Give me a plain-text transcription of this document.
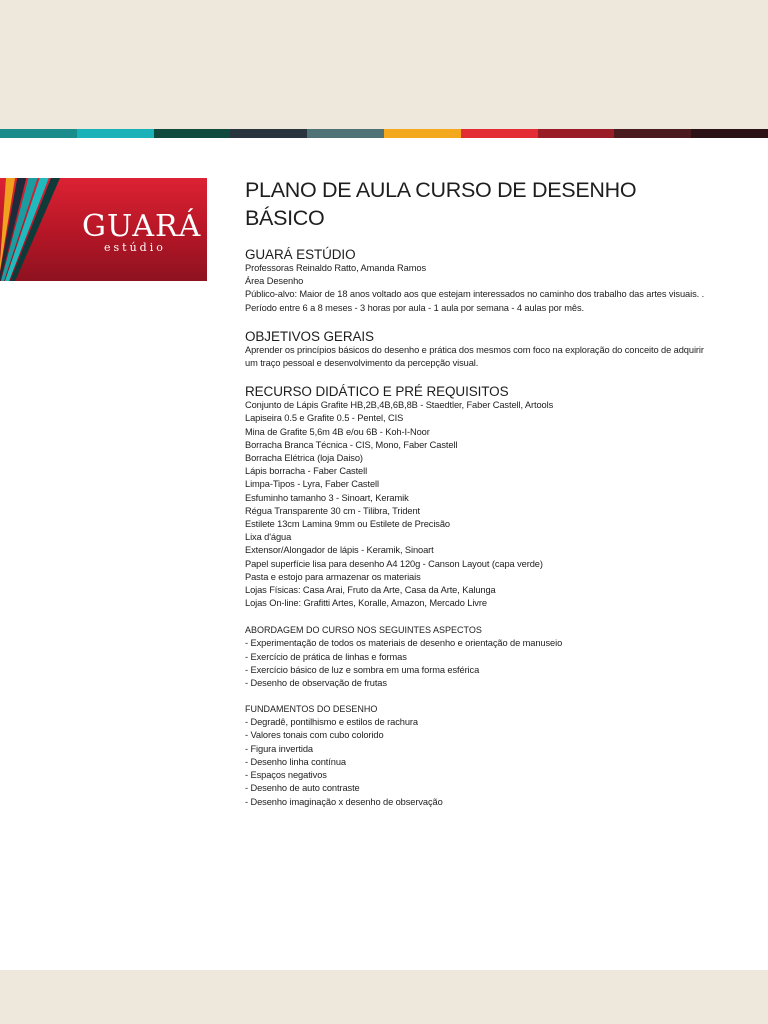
GUARÁ
estúdio
PLANO DE AULA CURSO DE DESENHO BÁSICO
GUARÁ ESTÚDIO
Professoras Reinaldo Ratto, Amanda Ramos
Área Desenho
Público-alvo: Maior de 18 anos voltado aos que estejam interessados no caminho dos trabalho das artes visuais. .
Período entre 6 a 8 meses - 3 horas por aula - 1 aula por semana - 4 aulas por mês.
OBJETIVOS GERAIS
Aprender os princípios básicos do desenho e prática dos mesmos com foco na exploração do conceito de adquirir um traço pessoal e desenvolvimento da percepção visual.
RECURSO DIDÁTICO E PRÉ REQUISITOS
Conjunto de Lápis Grafite HB,2B,4B,6B,8B - Staedtler, Faber Castell, Artools
Lapiseira 0.5 e Grafite 0.5 - Pentel, CIS
Mina de Grafite 5,6m 4B e/ou 6B - Koh-I-Noor
Borracha Branca Técnica - CIS, Mono, Faber Castell
Borracha Elétrica (loja Daiso)
Lápis borracha - Faber Castell
Limpa-Tipos - Lyra, Faber Castell
Esfuminho tamanho 3 - Sinoart, Keramik
Régua Transparente 30 cm - Tilibra, Trident
Estilete 13cm Lamina 9mm ou Estilete de Precisão
Lixa d'água
Extensor/Alongador de lápis - Keramik, Sinoart
Papel superfície lisa para desenho A4 120g - Canson Layout (capa verde)
Pasta e estojo para armazenar os materiais
Lojas Físicas: Casa Arai, Fruto da Arte, Casa da Arte, Kalunga
Lojas On-line: Grafitti Artes, Koralle, Amazon, Mercado Livre
ABORDAGEM DO CURSO NOS SEGUINTES ASPECTOS
- Experimentação de todos os materiais de desenho e orientação de manuseio
- Exercício de prática de linhas e formas
- Exercício básico de luz e sombra em uma forma esférica
- Desenho de observação de frutas
FUNDAMENTOS DO DESENHO
- Degradê, pontilhismo e estilos de rachura
- Valores tonais com cubo colorido
- Figura invertida
- Desenho linha contínua
- Espaços negativos
- Desenho de auto contraste
- Desenho imaginação x desenho de observação
